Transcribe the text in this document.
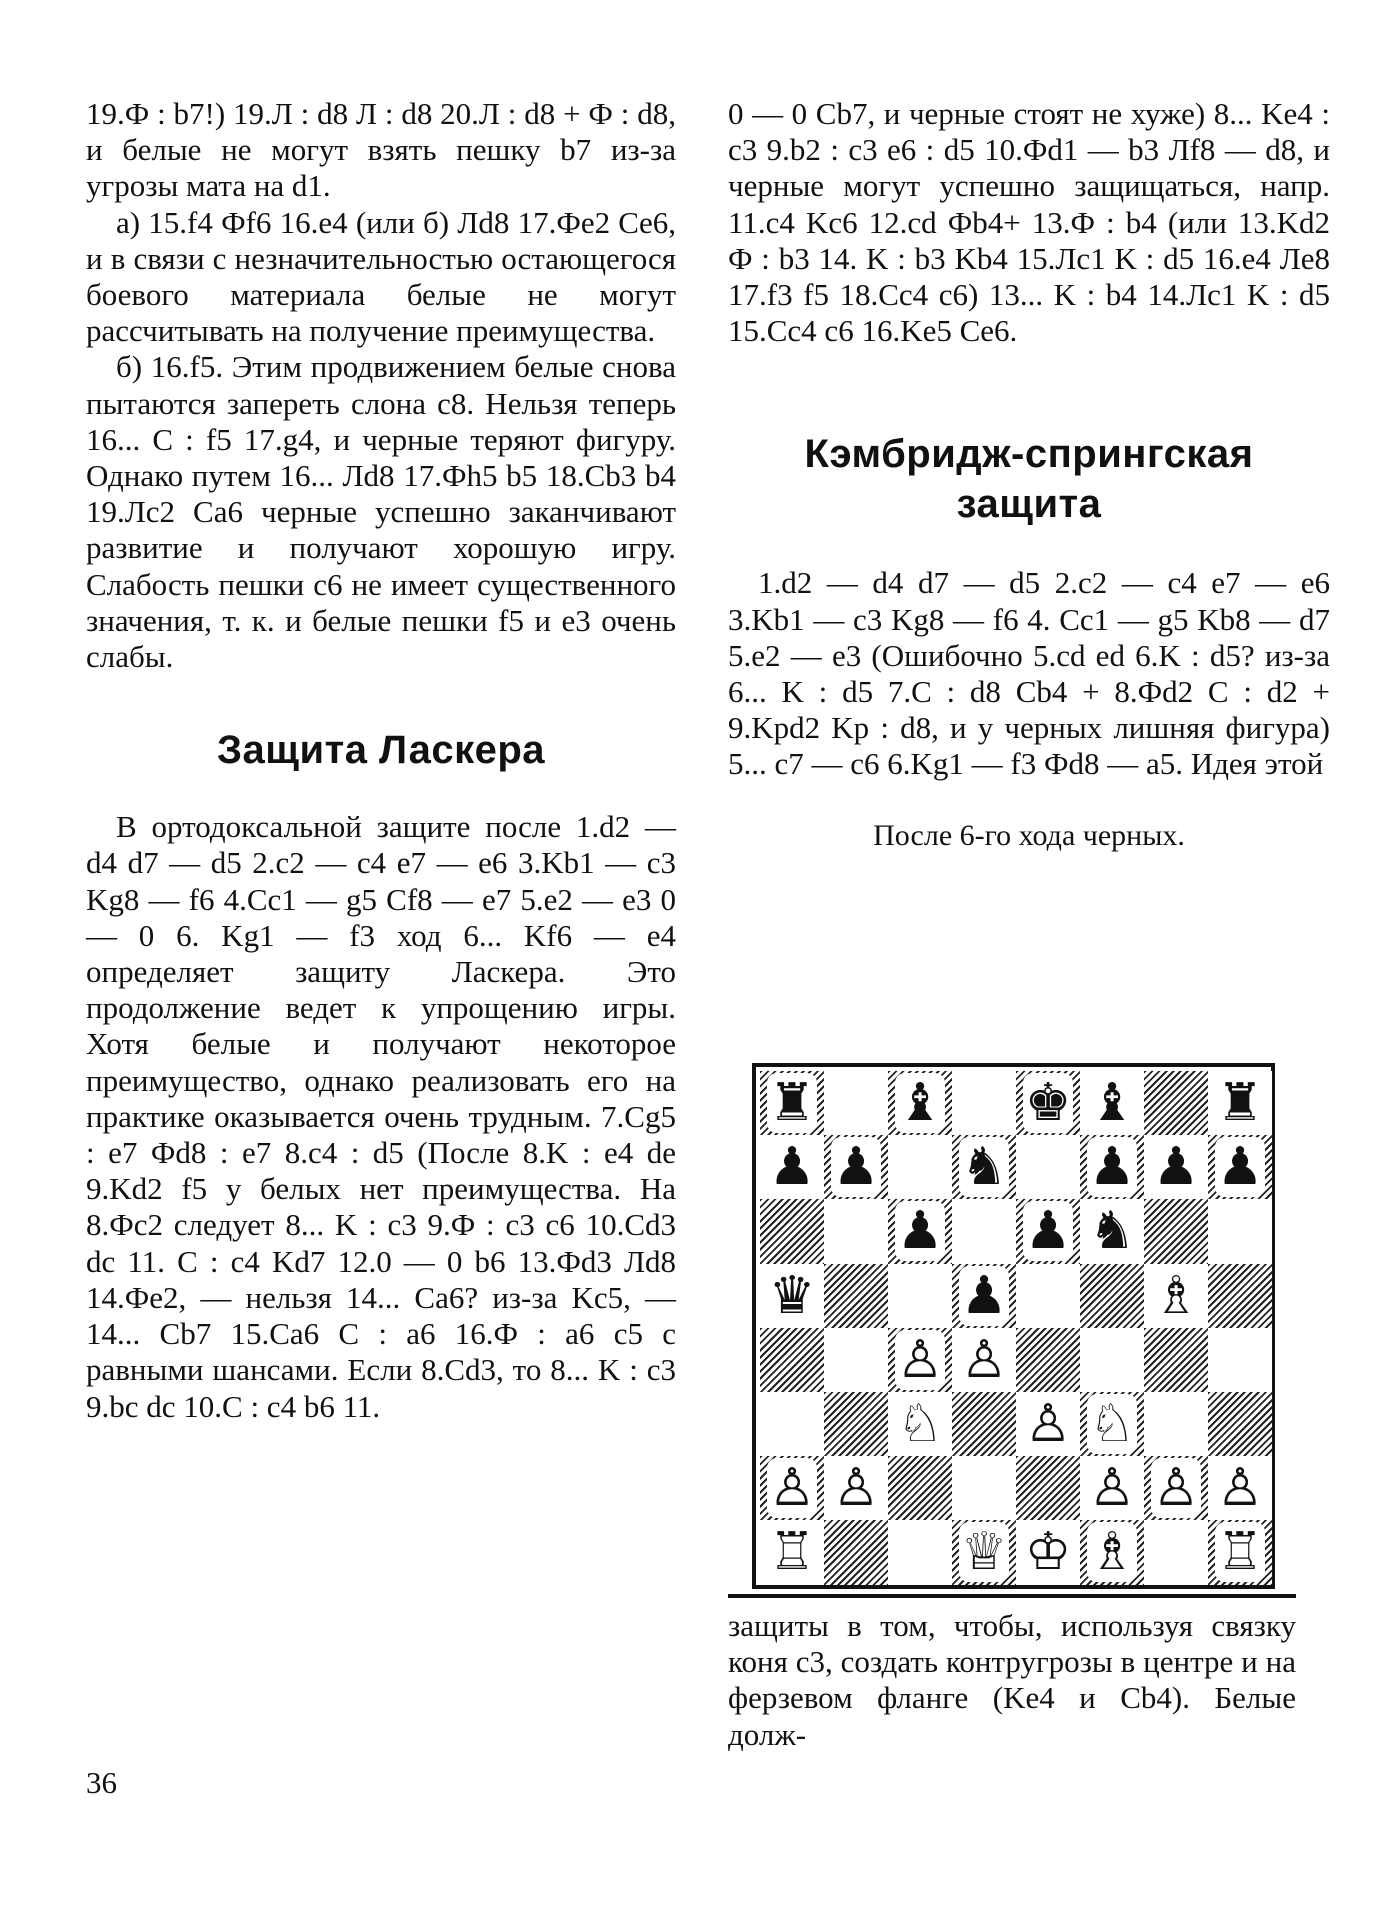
19.Ф : b7!) 19.Л : d8 Л : d8 20.Л : d8 + Ф : d8, и белые не могут взять пешку b7 из-за угрозы мата на d1.

а) 15.f4 Фf6 16.e4 (или б) Лd8 17.Фe2 Ce6, и в связи с незначительностью остающегося боевого материала белые не могут рассчитывать на получение преимущества.

б) 16.f5. Этим продвижением белые снова пытаются запереть слона c8. Нельзя теперь 16... C : f5 17.g4, и черные теряют фигуру. Однако путем 16... Лd8 17.Фh5 b5 18.Cb3 b4 19.Лc2 Ca6 черные успешно заканчивают развитие и получают хорошую игру. Слабость пешки c6 не имеет существенного значения, т. к. и белые пешки f5 и e3 очень слабы.

Защита Ласкера

В ортодоксальной защите после 1.d2 — d4 d7 — d5 2.c2 — c4 e7 — e6 3.Kb1 — c3 Kg8 — f6 4.Cc1 — g5 Cf8 — e7 5.e2 — e3 0 — 0 6. Kg1 — f3 ход 6... Kf6 — e4 определяет защиту Ласкера. Это продолжение ведет к упрощению игры. Хотя белые и получают некоторое преимущество, однако реализовать его на практике оказывается очень трудным. 7.Cg5 : e7 Фd8 : e7 8.c4 : d5 (После 8.K : e4 de 9.Kd2 f5 у белых нет преимущества. На 8.Фc2 следует 8... K : c3 9.Ф : c3 c6 10.Cd3 dc 11. C : c4 Kd7 12.0 — 0 b6 13.Фd3 Лd8 14.Фe2, — нельзя 14... Ca6? из-за Kc5, — 14... Cb7 15.Ca6 C : a6 16.Ф : a6 c5 с равными шансами. Если 8.Cd3, то 8... K : c3 9.bc dc 10.C : c4 b6 11.

0 — 0 Cb7, и черные стоят не хуже) 8... Ke4 : c3 9.b2 : c3 e6 : d5 10.Фd1 — b3 Лf8 — d8, и черные могут успешно защищаться, напр. 11.c4 Kc6 12.cd Фb4+ 13.Ф : b4 (или 13.Kd2 Ф : b3 14. K : b3 Kb4 15.Лc1 K : d5 16.e4 Лe8 17.f3 f5 18.Cc4 c6) 13... K : b4 14.Лc1 K : d5 15.Cc4 c6 16.Ke5 Ce6.

Кэмбридж-спрингская защита

1.d2 — d4 d7 — d5 2.c2 — c4 e7 — e6 3.Kb1 — c3 Kg8 — f6 4. Cc1 — g5 Kb8 — d7 5.e2 — e3 (Ошибочно 5.cd ed 6.K : d5? из-за 6... K : d5 7.C : d8 Cb4 + 8.Фd2 C : d2 + 9.Kpd2 Kp : d8, и у черных лишняя фигура) 5... c7 — c6 6.Kg1 — f3 Фd8 — a5. Идея этой

После 6-го хода черных.

♜ ♝ ♚ ♝ ♜
♟ ♟ ♞ ♟ ♟ ♟
♟ ♟ ♞
♛	♟	♗
♙ ♙
♘ ♙ ♘
♙ ♙	♙ ♙ ♙
♖	♕ ♔ ♗ ♖

защиты в том, чтобы, используя связку коня c3, создать контругрозы в центре и на ферзевом фланге (Ke4 и Cb4). Белые долж-

36
